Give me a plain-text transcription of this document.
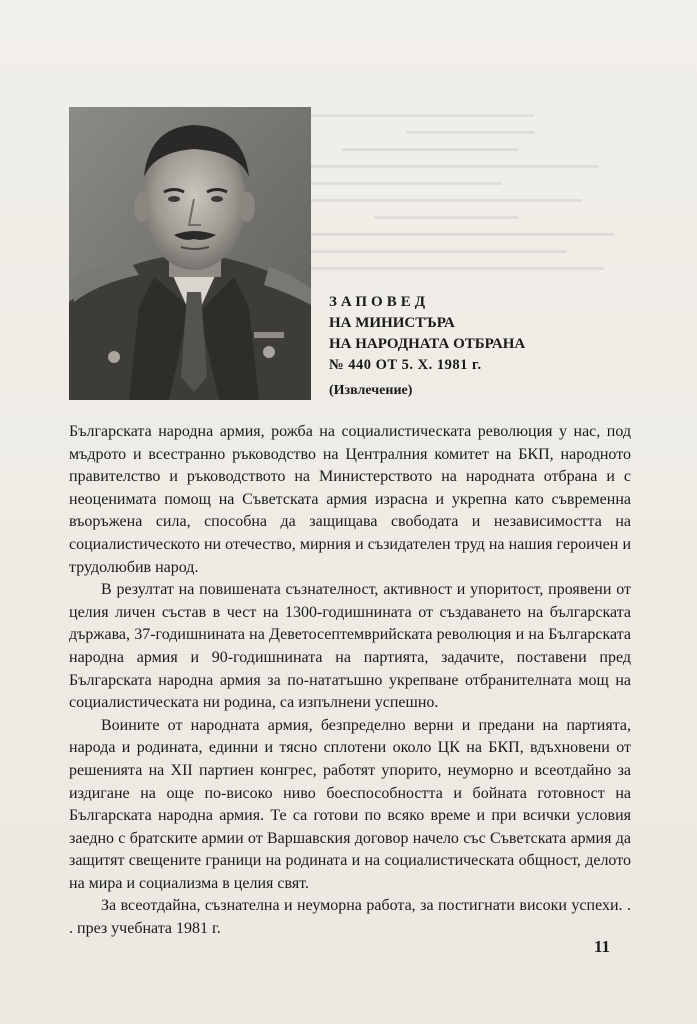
ЗАПОВЕД
НА МИНИСТЪРА
НА НАРОДНАТА ОТБРАНА
№ 440 ОТ 5. Х. 1981 г.
(Извлечение)

Българската народна армия, рожба на социалистическата революция у нас, под мъдрото и всестранно ръководство на Централния комитет на БКП, народното правителство и ръководството на Министерството на народната отбрана и с неоценимата помощ на Съветската армия израсна и укрепна като съвременна въоръжена сила, способна да защищава свободата и независимостта на социалистическото ни отечество, мирния и съзидателен труд на нашия героичен и трудолюбив народ.

В резултат на повишената съзнателност, активност и упоритост, проявени от целия личен състав в чест на 1300-годишнината от създаването на българската държава, 37-годишнината на Деветосептемврийската революция и на Българската народна армия и 90-годишнината на партията, задачите, поставени пред Българската народна армия за по-нататъшно укрепване отбранителната мощ на социалистическата ни родина, са изпълнени успешно.

Воините от народната армия, безпределно верни и предани на партията, народа и родината, единни и тясно сплотени около ЦК на БКП, вдъхновени от решенията на XII партиен конгрес, работят упорито, неуморно и всеотдайно за издигане на още по-високо ниво боеспособността и бойната готовност на Българската народна армия. Те са готови по всяко време и при всички условия заедно с братските армии от Варшавския договор начело със Съветската армия да защитят свещените граници на родината и на социалистическата общност, делото на мира и социализма в целия свят.

За всеотдайна, съзнателна и неуморна работа, за постигнати високи успехи. . . през учебната 1981 г.

11
